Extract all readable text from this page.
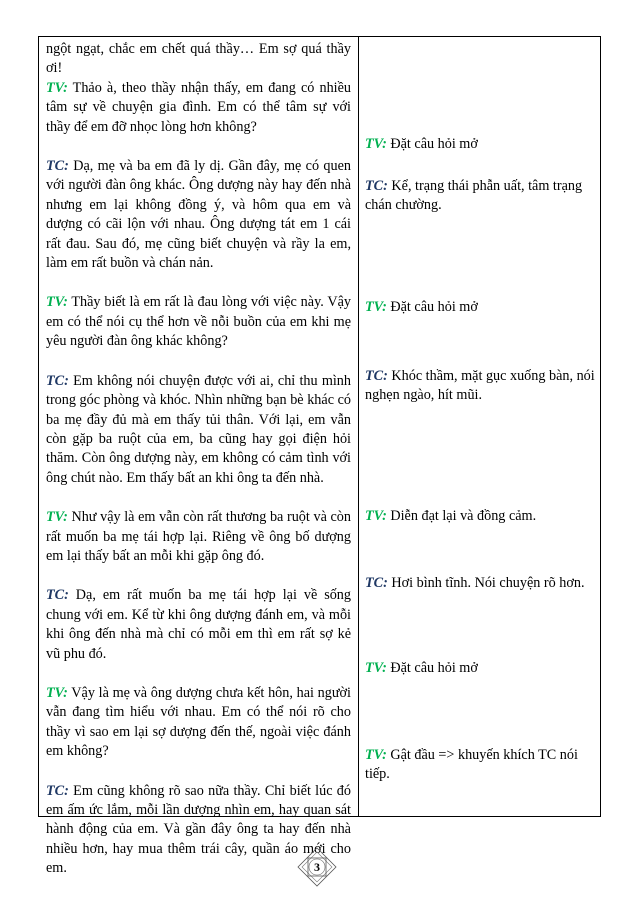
ngột ngạt, chắc em chết quá thầy… Em sợ quá thầy ơi!

TV: Thảo à, theo thầy nhận thấy, em đang có nhiều tâm sự về chuyện gia đình. Em có thể tâm sự với thầy để em đỡ nhọc lòng hơn không?

TC: Dạ, mẹ và ba em đã ly dị. Gần đây, mẹ có quen với người đàn ông khác. Ông dượng này hay đến nhà nhưng em lại không đồng ý, và hôm qua em và dượng có cãi lộn với nhau. Ông dượng tát em 1 cái rất đau. Sau đó, mẹ cũng biết chuyện và rầy la em, làm em rất buồn và chán nản.

TV: Thầy biết là em rất là đau lòng với việc này. Vậy em có thể nói cụ thể hơn về nỗi buồn của em khi mẹ yêu người đàn ông khác không?

TC: Em không nói chuyện được với ai, chỉ thu mình trong góc phòng và khóc. Nhìn những bạn bè khác có ba mẹ đầy đủ mà em thấy tủi thân. Với lại, em vẫn còn gặp ba ruột của em, ba cũng hay gọi điện hỏi thăm. Còn ông dượng này, em không có cảm tình với ông chút nào. Em thấy bất an khi ông ta đến nhà.

TV: Như vậy là em vẫn còn rất thương ba ruột và còn rất muốn ba mẹ tái hợp lại. Riêng về ông bố dượng em lại thấy bất an mỗi khi gặp ông đó.

TC: Dạ, em rất muốn ba mẹ tái hợp lại về sống chung với em. Kể từ khi ông dượng đánh em, và mỗi khi ông đến nhà mà chỉ có mỗi em thì em rất sợ kẻ vũ phu đó.

TV: Vậy là mẹ và ông dượng chưa kết hôn, hai người vẫn đang tìm hiểu với nhau. Em có thể nói rõ cho thầy vì sao em lại sợ dượng đến thế, ngoài việc đánh em không?

TC: Em cũng không rõ sao nữa thầy. Chỉ biết lúc đó em ấm ức lắm, mỗi lần dượng nhìn em, hay quan sát hành động của em. Và gần đây ông ta hay đến nhà nhiều hơn, hay mua thêm trái cây, quần áo mới cho em.

TV: Đặt câu hỏi mở
TC: Kể, trạng thái phẫn uất, tâm trạng chán chường.
TV: Đặt câu hỏi mở
TC: Khóc thầm, mặt gục xuống bàn, nói nghẹn ngào, hít mũi.
TV: Diễn đạt lại và đồng cảm.
TC: Hơi bình tĩnh. Nói chuyện rõ hơn.
TV: Đặt câu hỏi mở
TV: Gật đầu => khuyến khích TC nói tiếp.
3
